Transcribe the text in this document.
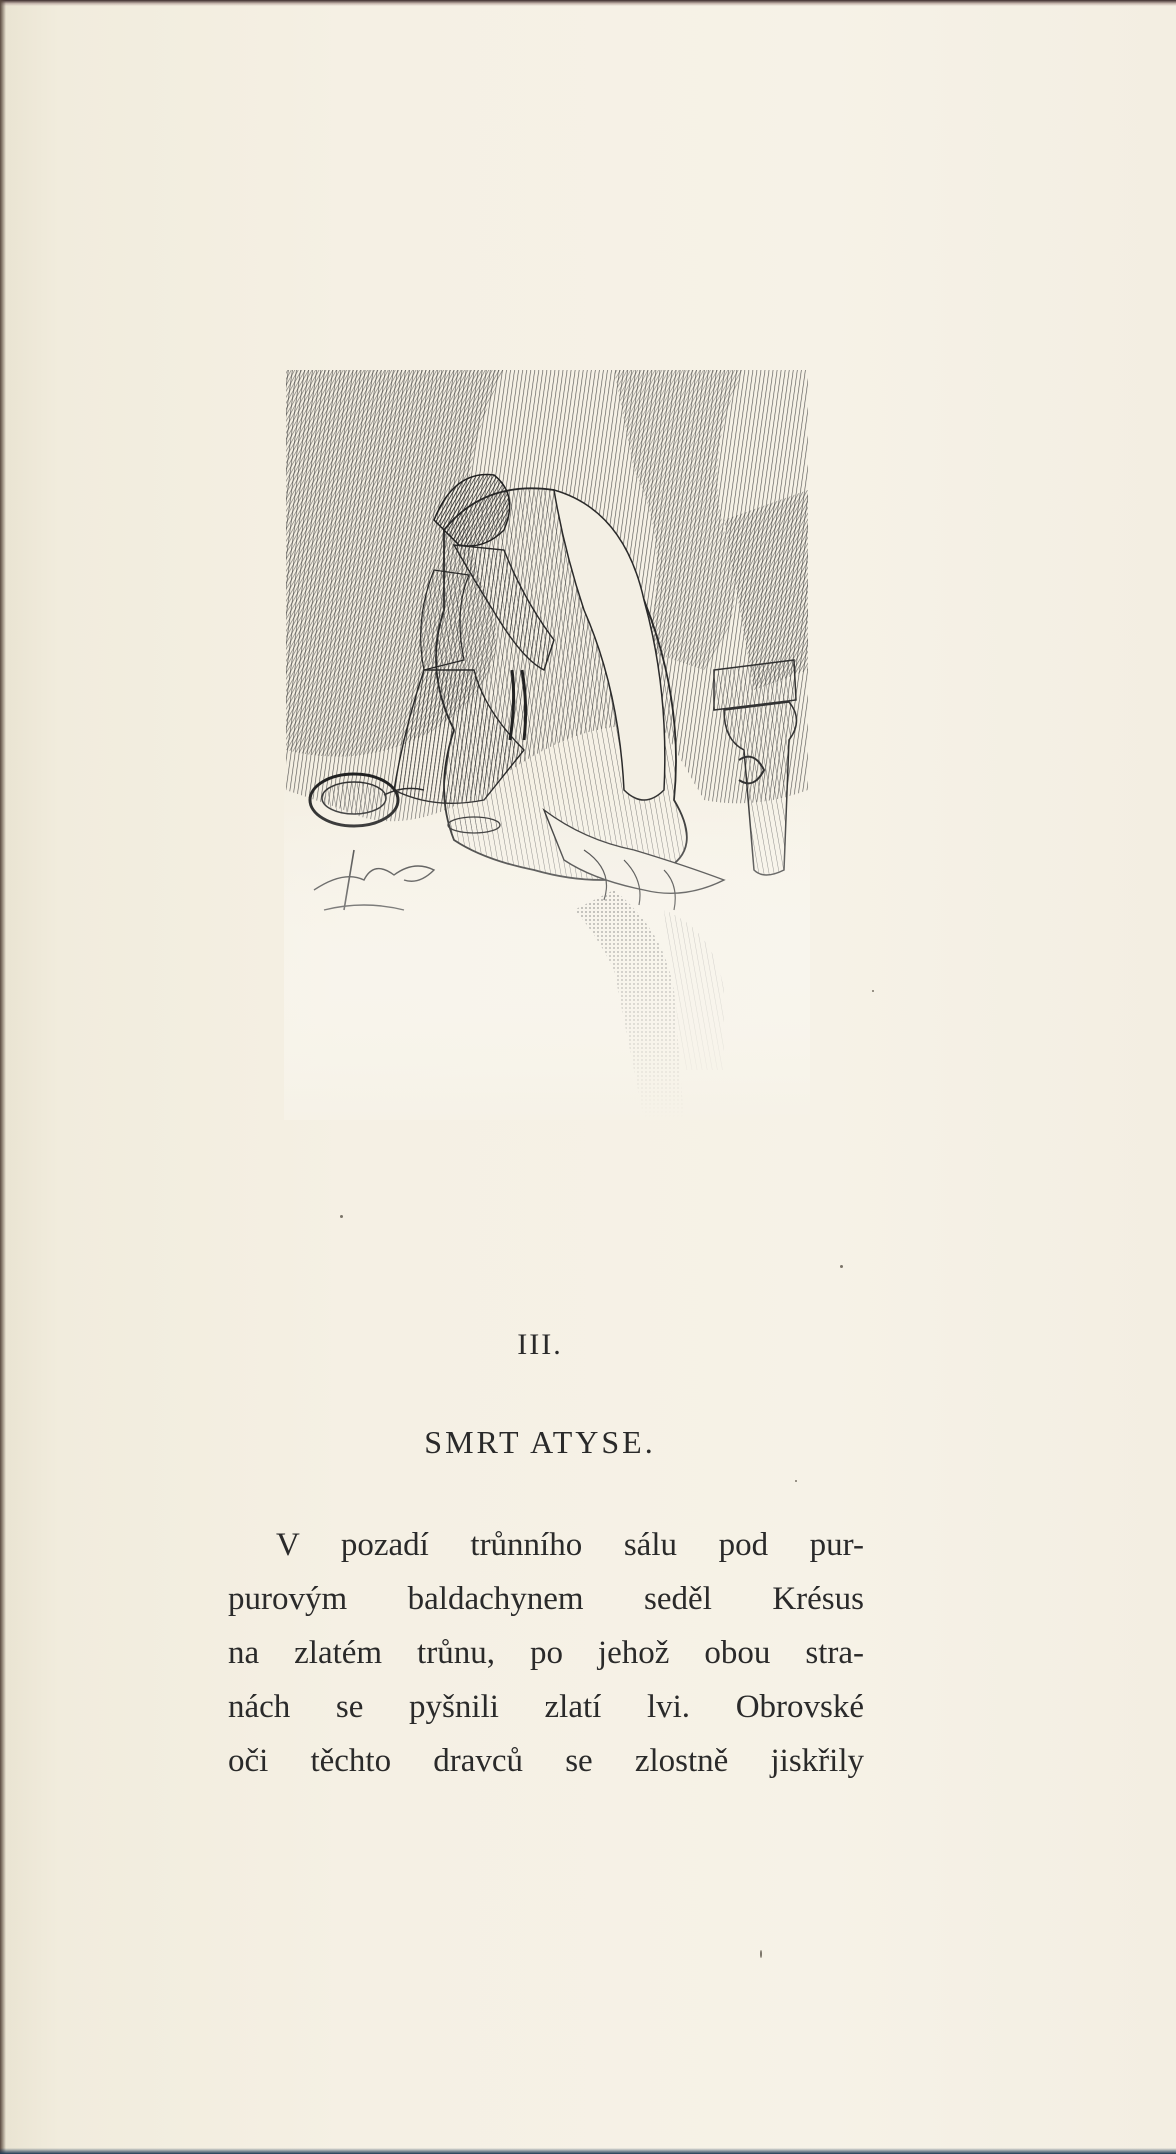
III.
SMRT ATYSE.
V pozadí trůnního sálu pod pur-
purovým baldachynem seděl Krésus
na zlatém trůnu, po jehož obou stra-
nách se pyšnili zlatí lvi. Obrovské
oči těchto dravců se zlostně jiskřily
